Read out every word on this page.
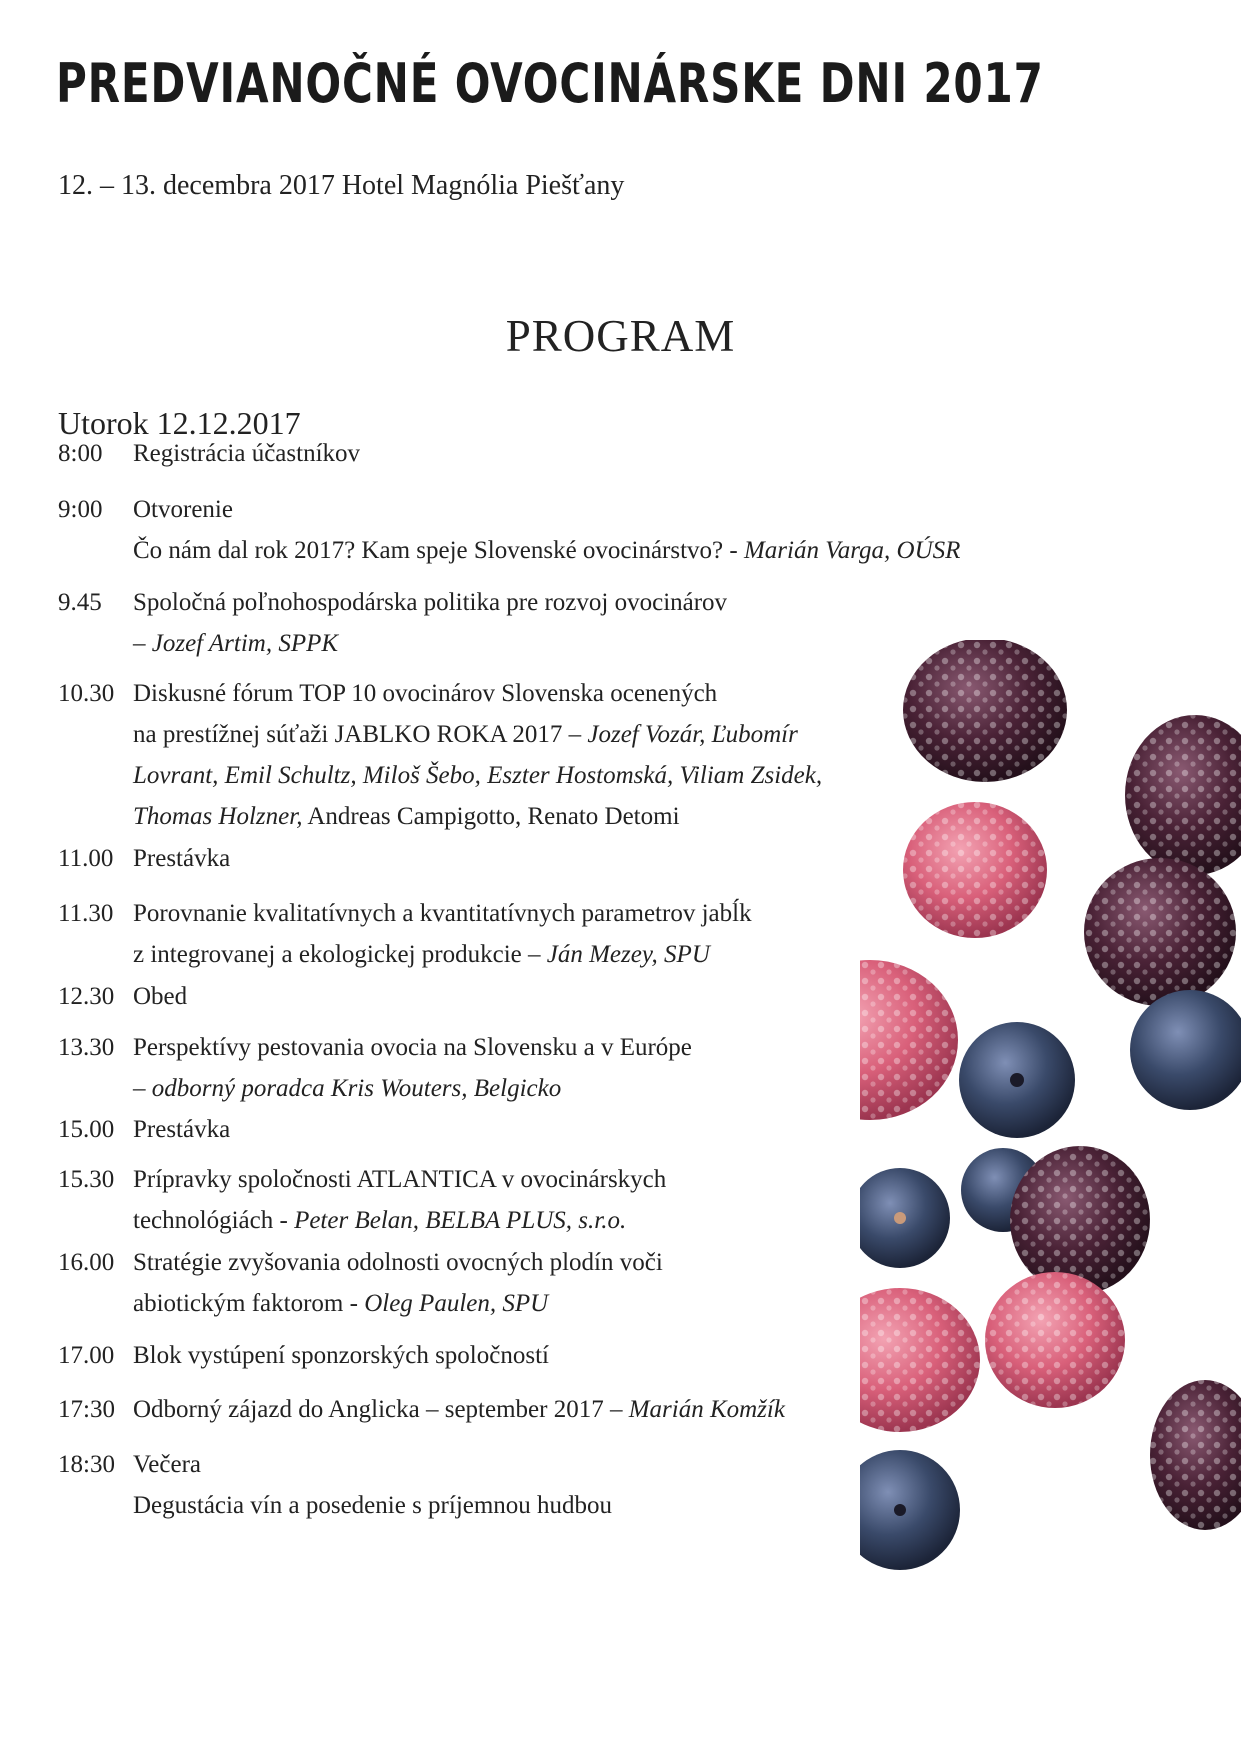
PREDVIANOČNÉ OVOCINÁRSKE DNI 2017
12. – 13. decembra 2017 Hotel Magnólia Piešťany
PROGRAM
Utorok 12.12.2017
8:00 Registrácia účastníkov
9:00 Otvorenie
Čo nám dal rok 2017? Kam speje Slovenské ovocinárstvo? - Marián Varga, OÚSR
9.45 Spoločná poľnohospodárska politika pre rozvoj ovocinárov
– Jozef Artim, SPPK
10.30 Diskusné fórum TOP 10 ovocinárov Slovenska ocenených
na prestížnej súťaži JABLKO ROKA 2017 – Jozef Vozár, Ľubomír
Lovrant, Emil Schultz, Miloš Šebo, Eszter Hostomská, Viliam Zsidek,
Thomas Holzner, Andreas Campigotto, Renato Detomi
11.00 Prestávka
11.30 Porovnanie kvalitatívnych a kvantitatívnych parametrov jabĺk
z integrovanej a ekologickej produkcie – Ján Mezey, SPU
12.30 Obed
13.30 Perspektívy pestovania ovocia na Slovensku a v Európe
– odborný poradca Kris Wouters, Belgicko
15.00 Prestávka
15.30 Prípravky spoločnosti ATLANTICA v ovocinárskych
technológiách - Peter Belan, BELBA PLUS, s.r.o.
16.00 Stratégie zvyšovania odolnosti ovocných plodín voči
abiotickým faktorom - Oleg Paulen, SPU
17.00 Blok vystúpení sponzorských spoločností
17:30 Odborný zájazd do Anglicka – september 2017 – Marián Komžík
18:30 Večera
Degustácia vín a posedenie s príjemnou hudbou
